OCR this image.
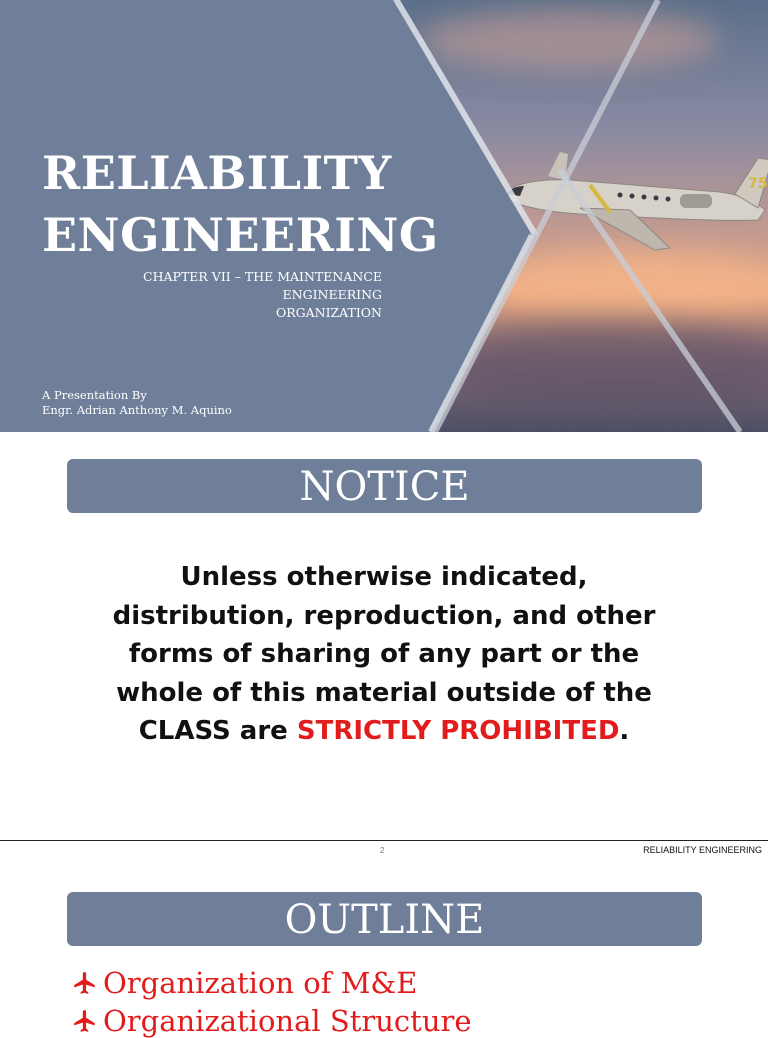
75
RELIABILITY
ENGINEERING
CHAPTER VII – THE MAINTENANCE ENGINEERING
ORGANIZATION
A Presentation By
Engr. Adrian Anthony M. Aquino
NOTICE
Unless otherwise indicated,
distribution, reproduction, and other
forms of sharing of any part or the
whole of this material outside of the
CLASS are STRICTLY PROHIBITED.
2	RELIABILITY ENGINEERING
OUTLINE
Organization of M&E
Organizational Structure
